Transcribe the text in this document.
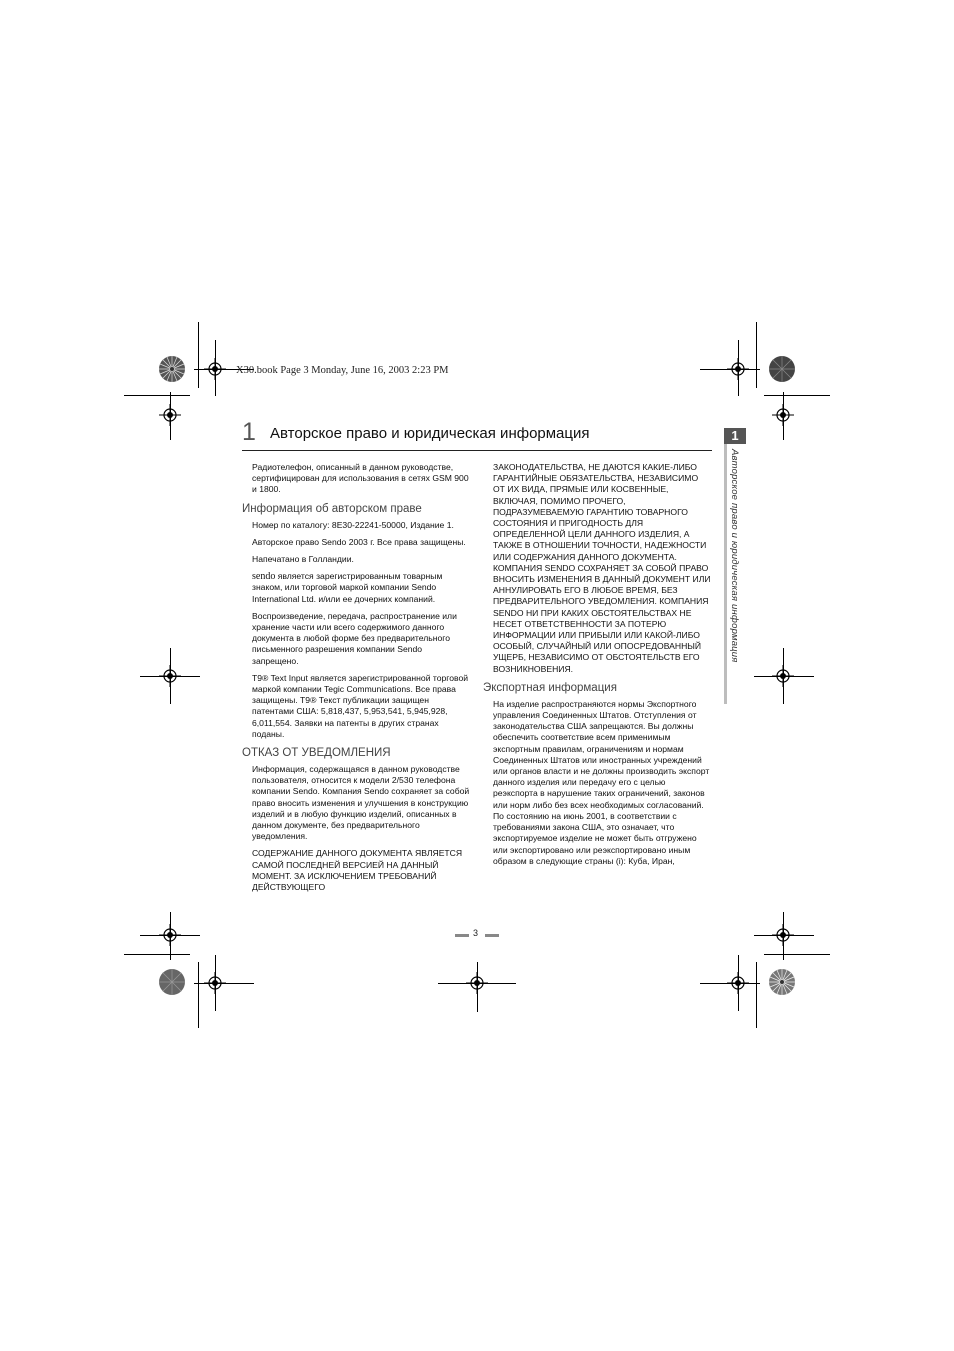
X30.book Page 3 Monday, June 16, 2003 2:23 PM
1 Авторское право и юридическая информация	1
Авторское право и юридическая информация

Радиотелефон, описанный в данном руководстве, сертифицирован для использования в сетях GSM 900 и 1800.

Информация об авторском праве

Номер по каталогу: 8E30-22241-50000, Издание 1.

Авторское право Sendo 2003 г. Все права защищены.

Напечатано в Голландии.

sendo является зарегистрированным товарным знаком, или торговой маркой компании Sendo International Ltd. и/или ее дочерних компаний.

Воспроизведение, передача, распространение или хранение части или всего содержимого данного документа в любой форме без предварительного письменного разрешения компании Sendo запрещено.

T9® Text Input является зарегистрированной торговой маркой компании Tegic Communications. Все права защищены. T9® Текст публикации защищен патентами США: 5,818,437, 5,953,541, 5,945,928, 6,011,554. Заявки на патенты в других странах поданы.

ОТКАЗ ОТ УВЕДОМЛЕНИЯ

Информация, содержащаяся в данном руководстве пользователя, относится к модели 2/530 телефона компании Sendo. Компания Sendo сохраняет за собой право вносить изменения и улучшения в конструкцию изделий и в любую функцию изделий, описанных в данном документе, без предварительного уведомления.

СОДЕРЖАНИЕ ДАННОГО ДОКУМЕНТА ЯВЛЯЕТСЯ САМОЙ ПОСЛЕДНЕЙ ВЕРСИЕЙ НА ДАННЫЙ МОМЕНТ. ЗА ИСКЛЮЧЕНИЕМ ТРЕБОВАНИЙ ДЕЙСТВУЮЩЕГО

ЗАКОНОДАТЕЛЬСТВА, НЕ ДАЮТСЯ КАКИЕ-ЛИБО ГАРАНТИЙНЫЕ ОБЯЗАТЕЛЬСТВА, НЕЗАВИСИМО ОТ ИХ ВИДА, ПРЯМЫЕ ИЛИ КОСВЕННЫЕ, ВКЛЮЧАЯ, ПОМИМО ПРОЧЕГО, ПОДРАЗУМЕВАЕМУЮ ГАРАНТИЮ ТОВАРНОГО СОСТОЯНИЯ И ПРИГОДНОСТЬ ДЛЯ ОПРЕДЕЛЕННОЙ ЦЕЛИ ДАННОГО ИЗДЕЛИЯ, А ТАКЖЕ В ОТНОШЕНИИ ТОЧНОСТИ, НАДЕЖНОСТИ ИЛИ СОДЕРЖАНИЯ ДАННОГО ДОКУМЕНТА. КОМПАНИЯ SENDO СОХРАНЯЕТ ЗА СОБОЙ ПРАВО ВНОСИТЬ ИЗМЕНЕНИЯ В ДАННЫЙ ДОКУМЕНТ ИЛИ АННУЛИРОВАТЬ ЕГО В ЛЮБОЕ ВРЕМЯ, БЕЗ ПРЕДВАРИТЕЛЬНОГО УВЕДОМЛЕНИЯ. КОМПАНИЯ SENDO НИ ПРИ КАКИХ ОБСТОЯТЕЛЬСТВАХ НЕ НЕСЕТ ОТВЕТСТВЕННОСТИ ЗА ПОТЕРЮ ИНФОРМАЦИИ ИЛИ ПРИБЫЛИ ИЛИ КАКОЙ-ЛИБО ОСОБЫЙ, СЛУЧАЙНЫЙ ИЛИ ОПОСРЕДОВАННЫЙ УЩЕРБ, НЕЗАВИСИМО ОТ ОБСТОЯТЕЛЬСТВ ЕГО ВОЗНИКНОВЕНИЯ.

Экспортная информация

На изделие распространяются нормы Экспортного управления Соединенных Штатов. Отступления от законодательства США запрещаются. Вы должны обеспечить соответствие всем применимым экспортным правилам, ограничениям и нормам Соединенных Штатов или иностранных учреждений или органов власти и не должны производить экспорт данного изделия или передачу его с целью реэкспорта в нарушение таких ограничений, законов или норм либо без всех необходимых согласований. По состоянию на июнь 2001, в соответствии с требованиями закона США, это означает, что экспортируемое изделие не может быть отгружено или экспортировано или реэкспортировано иным образом в следующие страны (i): Куба, Иран,

3
